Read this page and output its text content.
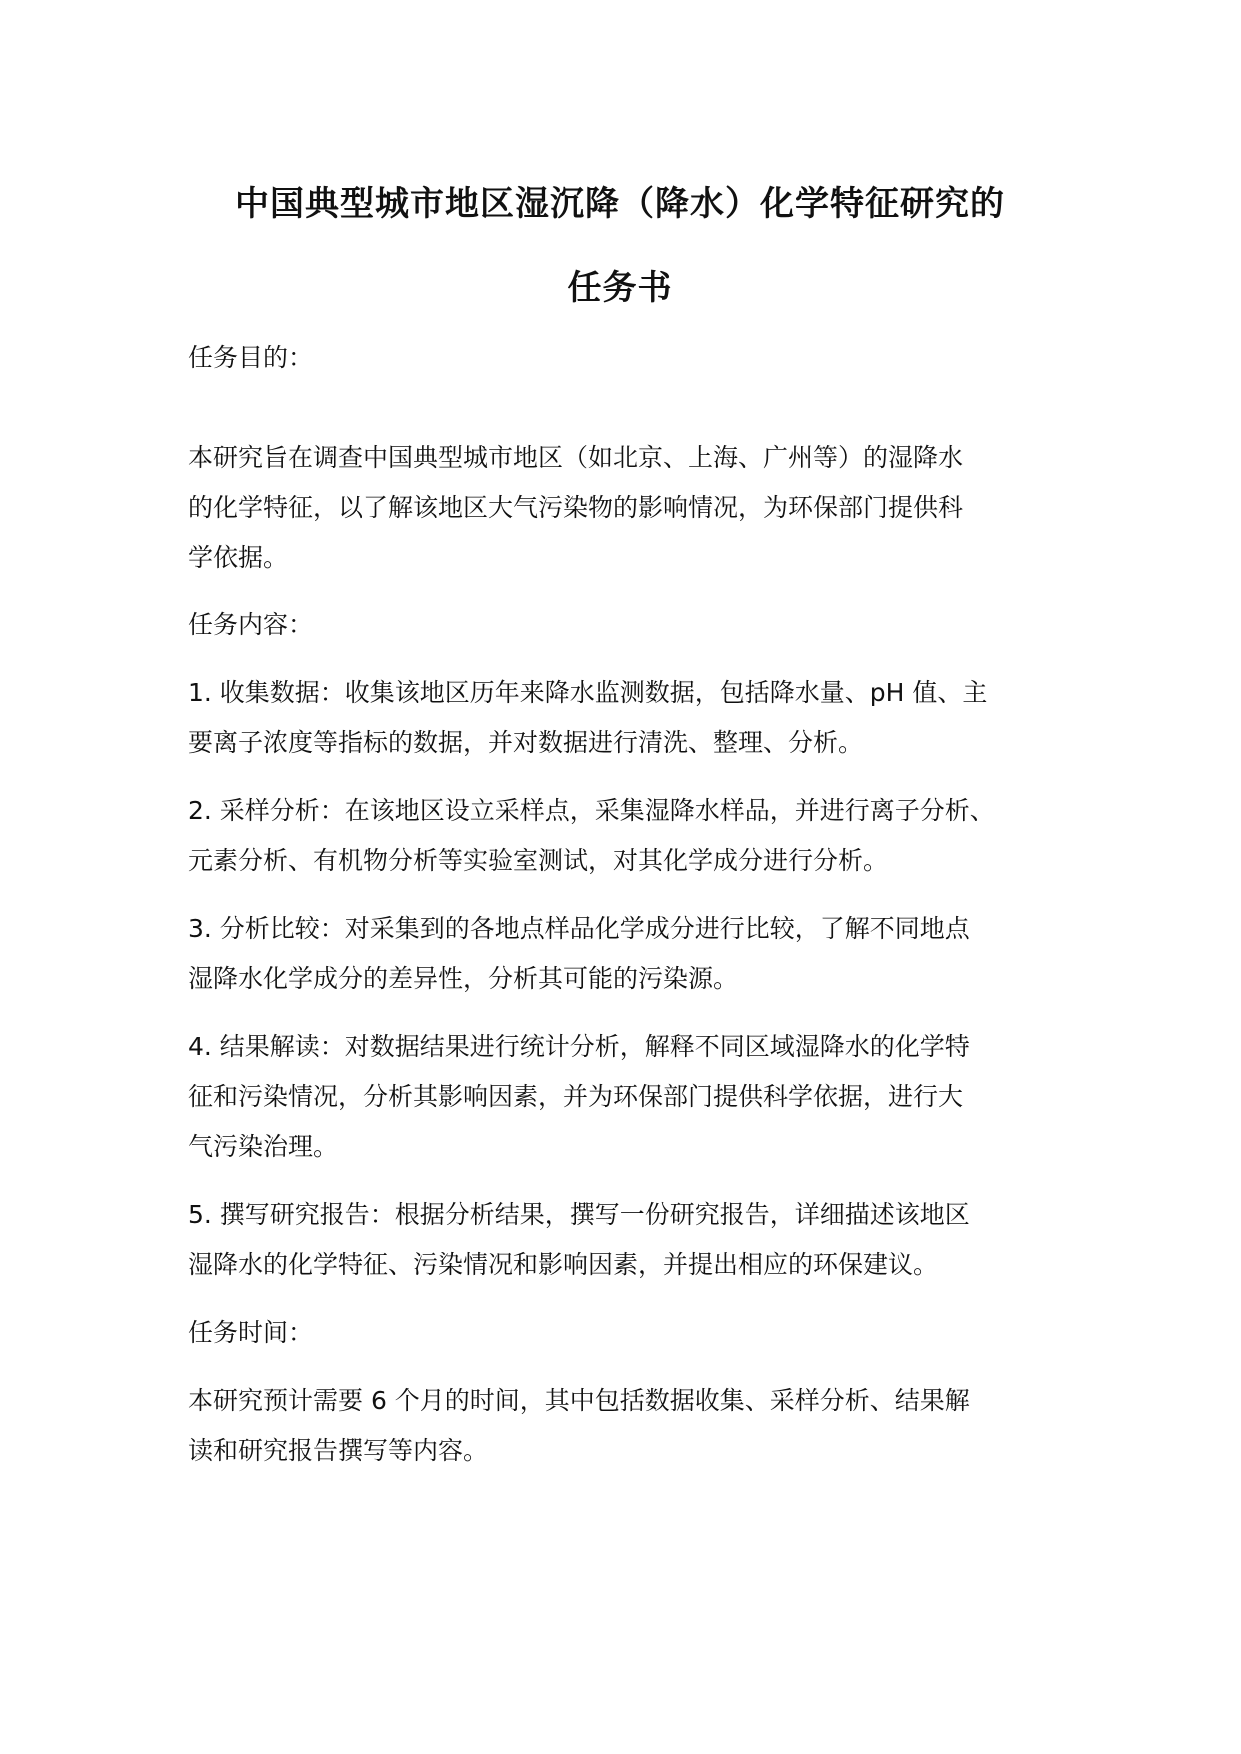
中国典型城市地区湿沉降（降水）化学特征研究的
任务书

任务目的：

本研究旨在调查中国典型城市地区（如北京、上海、广州等）的湿降水

的化学特征，以了解该地区大气污染物的影响情况，为环保部门提供科

学依据。

任务内容：

1. 收集数据：收集该地区历年来降水监测数据，包括降水量、pH 值、主

要离子浓度等指标的数据，并对数据进行清洗、整理、分析。

2. 采样分析：在该地区设立采样点，采集湿降水样品，并进行离子分析、

元素分析、有机物分析等实验室测试，对其化学成分进行分析。

3. 分析比较：对采集到的各地点样品化学成分进行比较，了解不同地点

湿降水化学成分的差异性，分析其可能的污染源。

4. 结果解读：对数据结果进行统计分析，解释不同区域湿降水的化学特

征和污染情况，分析其影响因素，并为环保部门提供科学依据，进行大

气污染治理。

5. 撰写研究报告：根据分析结果，撰写一份研究报告，详细描述该地区

湿降水的化学特征、污染情况和影响因素，并提出相应的环保建议。

任务时间：

本研究预计需要 6 个月的时间，其中包括数据收集、采样分析、结果解

读和研究报告撰写等内容。
